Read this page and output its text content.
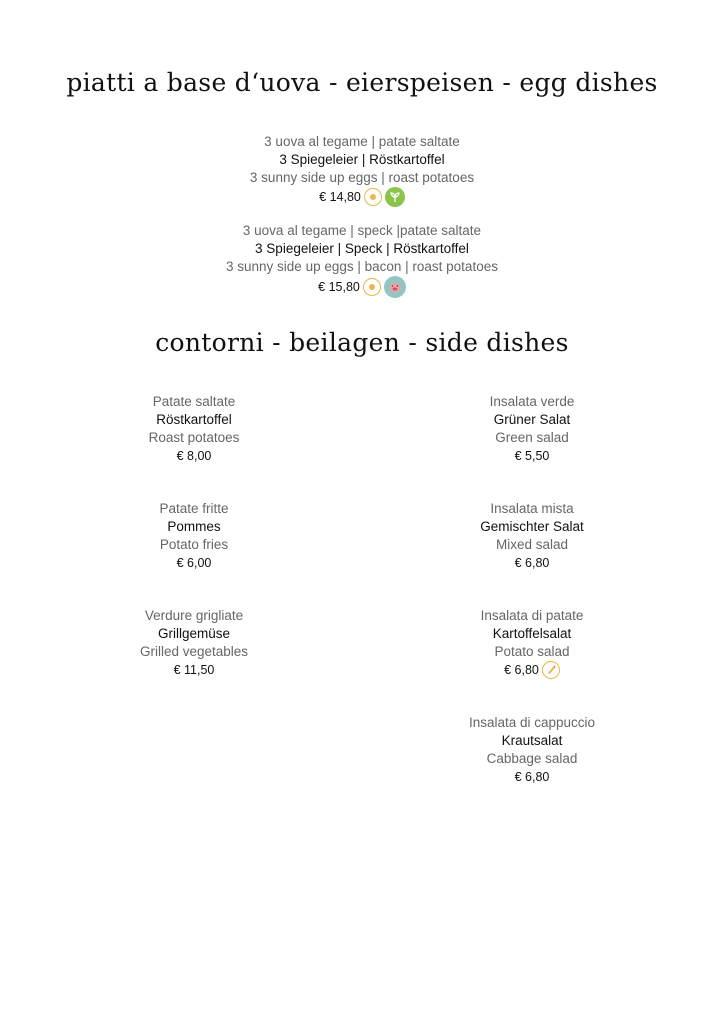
piatti a base d‘uova - eierspeisen - egg dishes
3 uova al tegame | patate saltate
3 Spiegeleier | Röstkartoffel
3 sunny side up eggs | roast potatoes
€ 14,80
3 uova al tegame | speck |patate saltate
3 Spiegeleier | Speck | Röstkartoffel
3 sunny side up eggs | bacon | roast potatoes
€ 15,80
contorni - beilagen - side dishes
Patate saltate
Röstkartoffel
Roast potatoes
€ 8,00
Patate fritte
Pommes
Potato fries
€ 6,00
Verdure grigliate
Grillgemüse
Grilled vegetables
€ 11,50
Insalata verde
Grüner Salat
Green salad
€ 5,50
Insalata mista
Gemischter Salat
Mixed salad
€ 6,80
Insalata di patate
Kartoffelsalat
Potato salad
€ 6,80
Insalata di cappuccio
Krautsalat
Cabbage salad
€ 6,80
